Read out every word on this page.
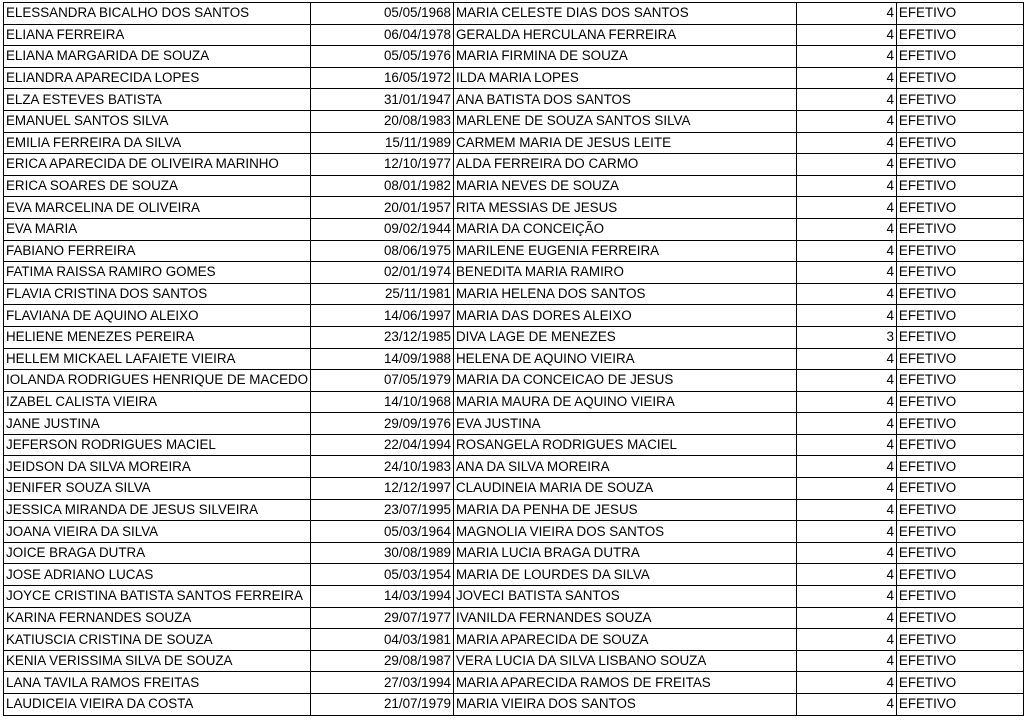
ELESSANDRA BICALHO DOS SANTOS	05/05/1968	MARIA CELESTE DIAS DOS SANTOS	4	EFETIVO
ELIANA FERREIRA	06/04/1978	GERALDA HERCULANA FERREIRA	4	EFETIVO
ELIANA MARGARIDA DE SOUZA	05/05/1976	MARIA FIRMINA DE SOUZA	4	EFETIVO
ELIANDRA APARECIDA LOPES	16/05/1972	ILDA MARIA LOPES	4	EFETIVO
ELZA ESTEVES BATISTA	31/01/1947	ANA BATISTA DOS SANTOS	4	EFETIVO
EMANUEL SANTOS SILVA	20/08/1983	MARLENE DE SOUZA SANTOS SILVA	4	EFETIVO
EMILIA FERREIRA DA SILVA	15/11/1989	CARMEM MARIA DE JESUS LEITE	4	EFETIVO
ERICA APARECIDA DE OLIVEIRA MARINHO	12/10/1977	ALDA FERREIRA DO CARMO	4	EFETIVO
ERICA SOARES DE SOUZA	08/01/1982	MARIA NEVES DE SOUZA	4	EFETIVO
EVA MARCELINA DE OLIVEIRA	20/01/1957	RITA MESSIAS DE JESUS	4	EFETIVO
EVA MARIA	09/02/1944	MARIA DA CONCEIÇÃO	4	EFETIVO
FABIANO FERREIRA	08/06/1975	MARILENE EUGENIA FERREIRA	4	EFETIVO
FATIMA RAISSA RAMIRO GOMES	02/01/1974	BENEDITA MARIA RAMIRO	4	EFETIVO
FLAVIA CRISTINA DOS SANTOS	25/11/1981	MARIA HELENA DOS SANTOS	4	EFETIVO
FLAVIANA DE AQUINO ALEIXO	14/06/1997	MARIA DAS DORES ALEIXO	4	EFETIVO
HELIENE MENEZES PEREIRA	23/12/1985	DIVA LAGE DE MENEZES	3	EFETIVO
HELLEM MICKAEL LAFAIETE VIEIRA	14/09/1988	HELENA DE AQUINO VIEIRA	4	EFETIVO
IOLANDA RODRIGUES HENRIQUE DE MACEDO	07/05/1979	MARIA DA CONCEICAO DE JESUS	4	EFETIVO
IZABEL CALISTA VIEIRA	14/10/1968	MARIA MAURA DE AQUINO VIEIRA	4	EFETIVO
JANE JUSTINA	29/09/1976	EVA JUSTINA	4	EFETIVO
JEFERSON RODRIGUES MACIEL	22/04/1994	ROSANGELA RODRIGUES MACIEL	4	EFETIVO
JEIDSON DA SILVA MOREIRA	24/10/1983	ANA DA SILVA MOREIRA	4	EFETIVO
JENIFER SOUZA SILVA	12/12/1997	CLAUDINEIA MARIA DE SOUZA	4	EFETIVO
JESSICA MIRANDA DE JESUS SILVEIRA	23/07/1995	MARIA DA PENHA DE JESUS	4	EFETIVO
JOANA VIEIRA DA SILVA	05/03/1964	MAGNOLIA VIEIRA DOS SANTOS	4	EFETIVO
JOICE BRAGA DUTRA	30/08/1989	MARIA LUCIA BRAGA DUTRA	4	EFETIVO
JOSE ADRIANO LUCAS	05/03/1954	MARIA DE LOURDES DA SILVA	4	EFETIVO
JOYCE CRISTINA BATISTA SANTOS FERREIRA	14/03/1994	JOVECI BATISTA SANTOS	4	EFETIVO
KARINA FERNANDES SOUZA	29/07/1977	IVANILDA FERNANDES SOUZA	4	EFETIVO
KATIUSCIA CRISTINA DE SOUZA	04/03/1981	MARIA APARECIDA DE SOUZA	4	EFETIVO
KENIA VERISSIMA SILVA DE SOUZA	29/08/1987	VERA LUCIA DA SILVA LISBANO SOUZA	4	EFETIVO
LANA TAVILA RAMOS FREITAS	27/03/1994	MARIA APARECIDA RAMOS DE FREITAS	4	EFETIVO
LAUDICEIA VIEIRA DA COSTA	21/07/1979	MARIA VIEIRA DOS SANTOS	4	EFETIVO
